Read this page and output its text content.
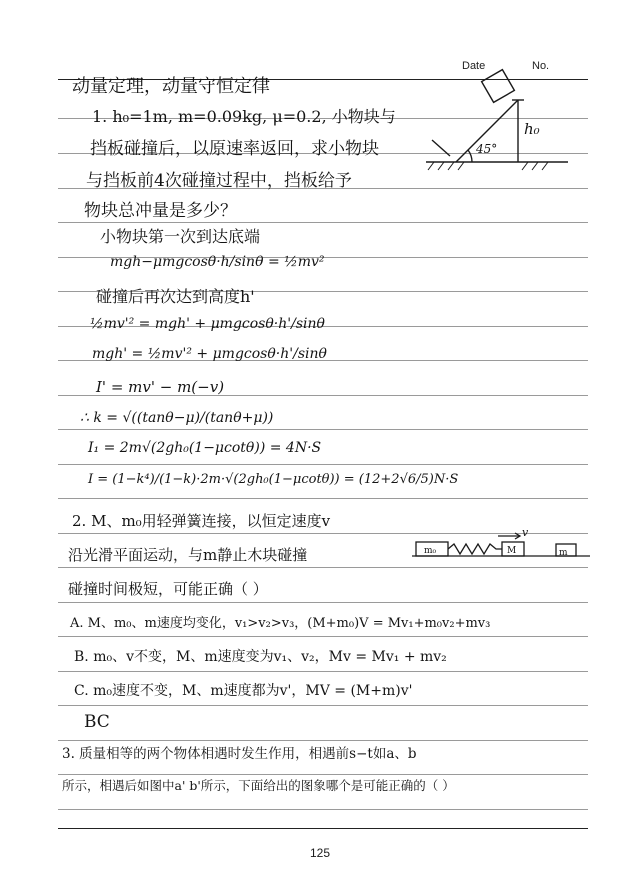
Date	No.
动量定理，动量守恒定律
1. h₀=1m, m=0.09kg, μ=0.2, 小物块与
挡板碰撞后，以原速率返回，求小物块
与挡板前4次碰撞过程中，挡板给予
物块总冲量是多少？
小物块第一次到达底端
mgh−μmgcosθ·h/sinθ = ½mv²
碰撞后再次达到高度h'
½mv'² = mgh' + μmgcosθ·h'/sinθ
mgh' = ½mv'² + μmgcosθ·h'/sinθ
I' = mv' − m(−v)
∴ k = √((tanθ−μ)/(tanθ+μ))
I₁ = 2m√(2gh₀(1−μcotθ)) = 4N·S
I = (1−k⁴)/(1−k)·2m·√(2gh₀(1−μcotθ)) = (12+2√6/5)N·S
2. M、m₀用轻弹簧连接，以恒定速度v
沿光滑平面运动，与m静止木块碰撞
碰撞时间极短，可能正确（ ）
A. M、m₀、m速度均变化，v₁>v₂>v₃，(M+m₀)V = Mv₁+m₀v₂+mv₃
B. m₀、v不变，M、m速度变为v₁、v₂，Mv = Mv₁ + mv₂
C. m₀速度不变，M、m速度都为v'，MV = (M+m)v'
BC
h₀
45°
m₀	M	m
v
125
3. 质量相等的两个物体相遇时发生作用，相遇前s−t如a、b
所示，相遇后如图中a' b'所示，下面给出的图象哪个是可能正确的（ ）
